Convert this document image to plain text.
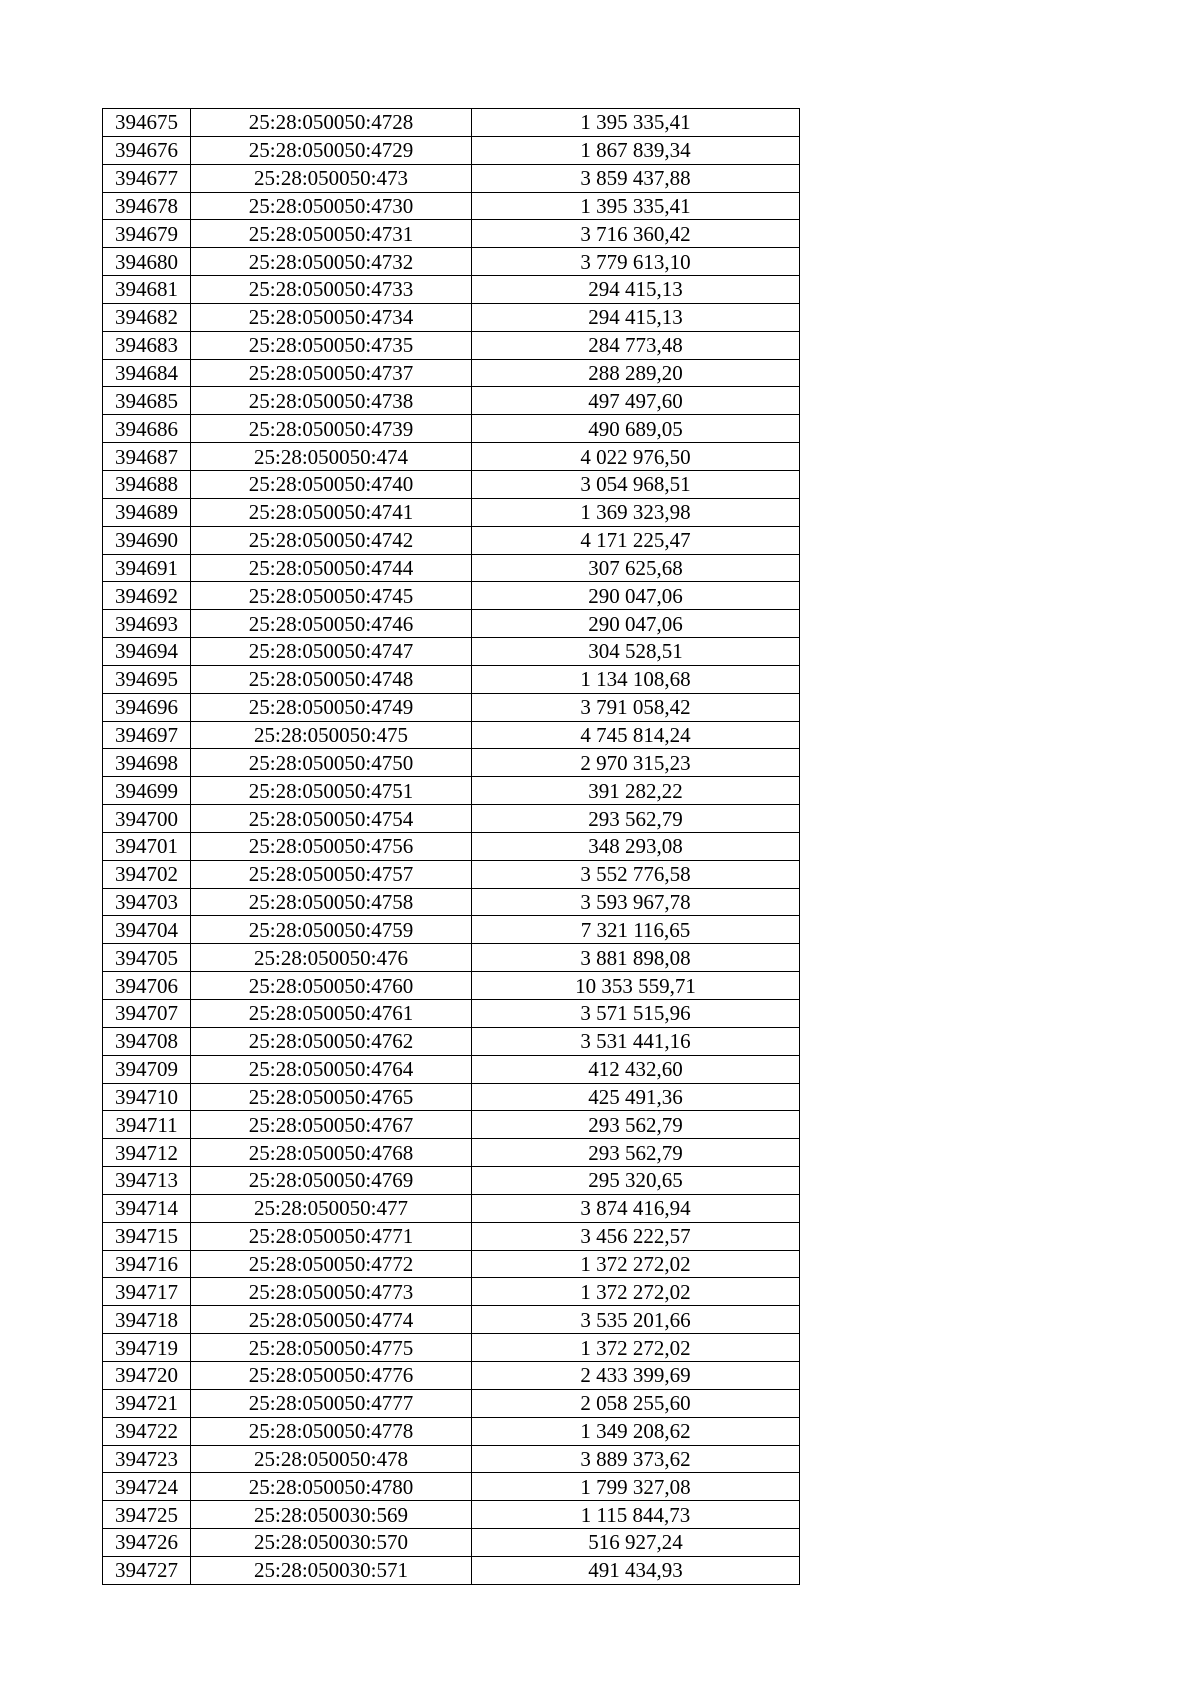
394675	25:28:050050:4728	1 395 335,41
394676	25:28:050050:4729	1 867 839,34
394677	25:28:050050:473	3 859 437,88
394678	25:28:050050:4730	1 395 335,41
394679	25:28:050050:4731	3 716 360,42
394680	25:28:050050:4732	3 779 613,10
394681	25:28:050050:4733	294 415,13
394682	25:28:050050:4734	294 415,13
394683	25:28:050050:4735	284 773,48
394684	25:28:050050:4737	288 289,20
394685	25:28:050050:4738	497 497,60
394686	25:28:050050:4739	490 689,05
394687	25:28:050050:474	4 022 976,50
394688	25:28:050050:4740	3 054 968,51
394689	25:28:050050:4741	1 369 323,98
394690	25:28:050050:4742	4 171 225,47
394691	25:28:050050:4744	307 625,68
394692	25:28:050050:4745	290 047,06
394693	25:28:050050:4746	290 047,06
394694	25:28:050050:4747	304 528,51
394695	25:28:050050:4748	1 134 108,68
394696	25:28:050050:4749	3 791 058,42
394697	25:28:050050:475	4 745 814,24
394698	25:28:050050:4750	2 970 315,23
394699	25:28:050050:4751	391 282,22
394700	25:28:050050:4754	293 562,79
394701	25:28:050050:4756	348 293,08
394702	25:28:050050:4757	3 552 776,58
394703	25:28:050050:4758	3 593 967,78
394704	25:28:050050:4759	7 321 116,65
394705	25:28:050050:476	3 881 898,08
394706	25:28:050050:4760	10 353 559,71
394707	25:28:050050:4761	3 571 515,96
394708	25:28:050050:4762	3 531 441,16
394709	25:28:050050:4764	412 432,60
394710	25:28:050050:4765	425 491,36
394711	25:28:050050:4767	293 562,79
394712	25:28:050050:4768	293 562,79
394713	25:28:050050:4769	295 320,65
394714	25:28:050050:477	3 874 416,94
394715	25:28:050050:4771	3 456 222,57
394716	25:28:050050:4772	1 372 272,02
394717	25:28:050050:4773	1 372 272,02
394718	25:28:050050:4774	3 535 201,66
394719	25:28:050050:4775	1 372 272,02
394720	25:28:050050:4776	2 433 399,69
394721	25:28:050050:4777	2 058 255,60
394722	25:28:050050:4778	1 349 208,62
394723	25:28:050050:478	3 889 373,62
394724	25:28:050050:4780	1 799 327,08
394725	25:28:050030:569	1 115 844,73
394726	25:28:050030:570	516 927,24
394727	25:28:050030:571	491 434,93
